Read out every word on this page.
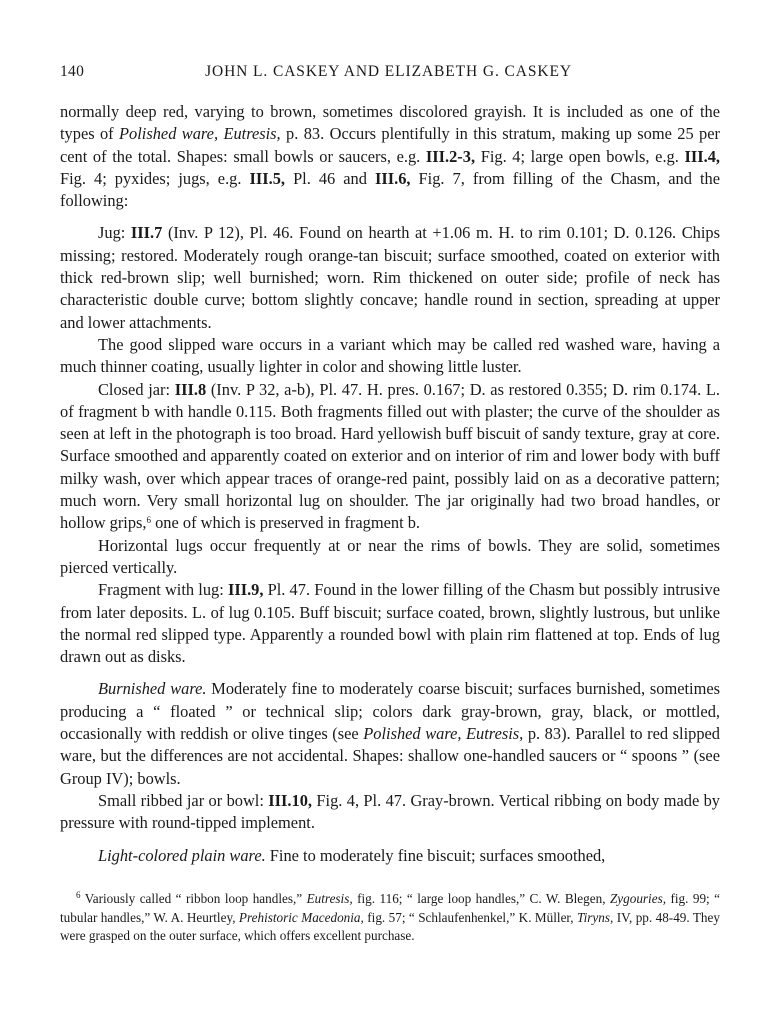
140	JOHN L. CASKEY AND ELIZABETH G. CASKEY

normally deep red, varying to brown, sometimes discolored grayish. It is included as one of the types of Polished ware, Eutresis, p. 83. Occurs plentifully in this stratum, making up some 25 per cent of the total. Shapes: small bowls or saucers, e.g. III.2-3, Fig. 4; large open bowls, e.g. III.4, Fig. 4; pyxides; jugs, e.g. III.5, Pl. 46 and III.6, Fig. 7, from filling of the Chasm, and the following:

Jug: III.7 (Inv. P 12), Pl. 46. Found on hearth at +1.06 m. H. to rim 0.101; D. 0.126. Chips missing; restored. Moderately rough orange-tan biscuit; surface smoothed, coated on exterior with thick red-brown slip; well burnished; worn. Rim thickened on outer side; profile of neck has characteristic double curve; bottom slightly concave; handle round in section, spreading at upper and lower attachments.

The good slipped ware occurs in a variant which may be called red washed ware, having a much thinner coating, usually lighter in color and showing little luster.

Closed jar: III.8 (Inv. P 32, a-b), Pl. 47. H. pres. 0.167; D. as restored 0.355; D. rim 0.174. L. of fragment b with handle 0.115. Both fragments filled out with plaster; the curve of the shoulder as seen at left in the photograph is too broad. Hard yellowish buff biscuit of sandy texture, gray at core. Surface smoothed and apparently coated on exterior and on interior of rim and lower body with buff milky wash, over which appear traces of orange-red paint, possibly laid on as a decorative pattern; much worn. Very small horizontal lug on shoulder. The jar originally had two broad handles, or hollow grips,$^6$ one of which is preserved in fragment b.

Horizontal lugs occur frequently at or near the rims of bowls. They are solid, sometimes pierced vertically.

Fragment with lug: III.9, Pl. 47. Found in the lower filling of the Chasm but possibly intrusive from later deposits. L. of lug 0.105. Buff biscuit; surface coated, brown, slightly lustrous, but unlike the normal red slipped type. Apparently a rounded bowl with plain rim flattened at top. Ends of lug drawn out as disks.

Burnished ware. Moderately fine to moderately coarse biscuit; surfaces burnished, sometimes producing a “ floated ” or technical slip; colors dark gray-brown, gray, black, or mottled, occasionally with reddish or olive tinges (see Polished ware, Eutresis, p. 83). Parallel to red slipped ware, but the differences are not accidental. Shapes: shallow one-handled saucers or “ spoons ” (see Group IV); bowls.

Small ribbed jar or bowl: III.10, Fig. 4, Pl. 47. Gray-brown. Vertical ribbing on body made by pressure with round-tipped implement.

Light-colored plain ware. Fine to moderately fine biscuit; surfaces smoothed,

$^6$ Variously called “ ribbon loop handles,” Eutresis, fig. 116; “ large loop handles,” C. W. Blegen, Zygouries, fig. 99; “ tubular handles,” W. A. Heurtley, Prehistoric Macedonia, fig. 57; “ Schlaufenhenkel,” K. Müller, Tiryns, IV, pp. 48-49. They were grasped on the outer surface, which offers excellent purchase.
